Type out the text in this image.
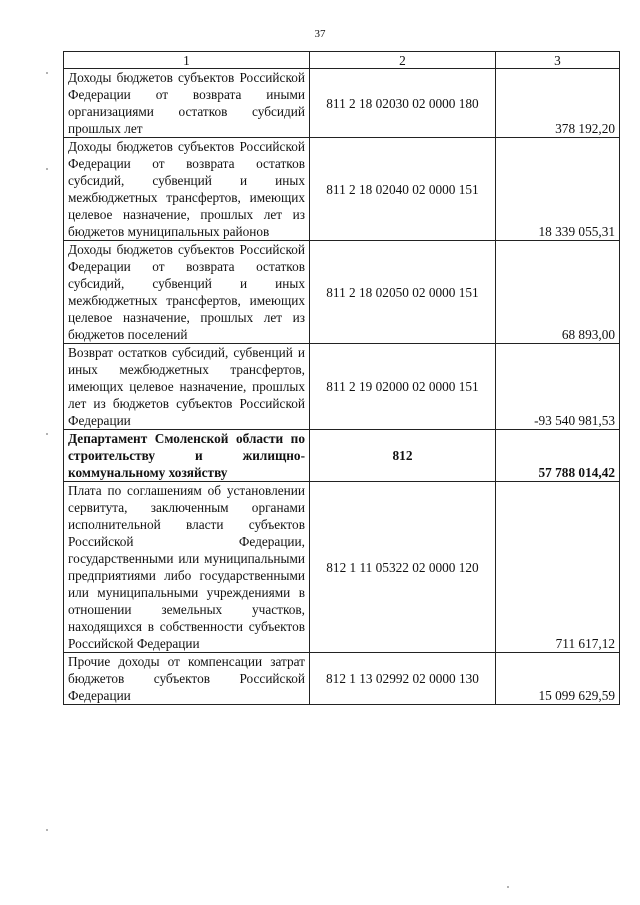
37
1	2	3
Доходы бюджетов субъектов Российской Федерации от возврата иными организациями остатков субсидий прошлых лет	811 2 18 02030 02 0000 180	378 192,20
Доходы бюджетов субъектов Российской Федерации от возврата остатков субсидий, субвенций и иных межбюджетных трансфертов, имеющих целевое назначение, прошлых лет из бюджетов муниципальных районов	811 2 18 02040 02 0000 151	18 339 055,31
Доходы бюджетов субъектов Российской Федерации от возврата остатков субсидий, субвенций и иных межбюджетных трансфертов, имеющих целевое назначение, прошлых лет из бюджетов поселений	811 2 18 02050 02 0000 151	68 893,00
Возврат остатков субсидий, субвенций и иных межбюджетных трансфертов, имеющих целевое назначение, прошлых лет из бюджетов субъектов Российской Федерации	811 2 19 02000 02 0000 151	-93 540 981,53
Департамент Смоленской области по строительству и жилищно-коммунальному хозяйству	812	57 788 014,42
Плата по соглашениям об установлении сервитута, заключенным органами исполнительной власти субъектов Российской Федерации, государственными или муниципальными предприятиями либо государственными или муниципальными учреждениями в отношении земельных участков, находящихся в собственности субъектов Российской Федерации	812 1 11 05322 02 0000 120	711 617,12
Прочие доходы от компенсации затрат бюджетов субъектов Российской Федерации	812 1 13 02992 02 0000 130	15 099 629,59
